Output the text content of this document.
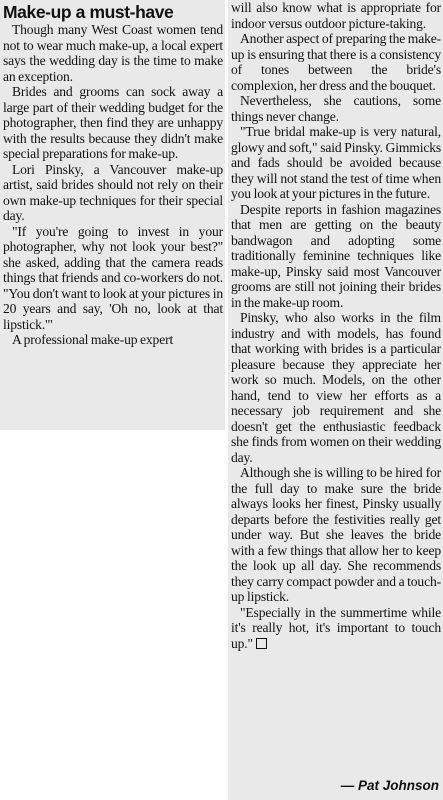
Make-up a must-have

Though many West Coast women tend not to wear much make-up, a local expert says the wedding day is the time to make an exception.

Brides and grooms can sock away a large part of their wedding budget for the photographer, then find they are unhappy with the results because they didn't make special preparations for make-up.

Lori Pinsky, a Vancouver make-up artist, said brides should not rely on their own make-up techniques for their special day.

"If you're going to invest in your photographer, why not look your best?" she asked, adding that the camera reads things that friends and co-workers do not. "You don't want to look at your pictures in 20 years and say, 'Oh no, look at that lipstick.'"

A professional make-up expert

will also know what is appropriate for indoor versus outdoor picture-taking.

Another aspect of preparing the make-up is ensuring that there is a consistency of tones between the bride's complexion, her dress and the bouquet.

Nevertheless, she cautions, some things never change.

"True bridal make-up is very natural, glowy and soft," said Pinsky. Gimmicks and fads should be avoided because they will not stand the test of time when you look at your pictures in the future.

Despite reports in fashion magazines that men are getting on the beauty bandwagon and adopting some traditionally feminine techniques like make-up, Pinsky said most Vancouver grooms are still not joining their brides in the make-up room.

Pinsky, who also works in the film industry and with models, has found that working with brides is a particular pleasure because they appreciate her work so much. Models, on the other hand, tend to view her efforts as a necessary job requirement and she doesn't get the enthusiastic feedback she finds from women on their wedding day.

Although she is willing to be hired for the full day to make sure the bride always looks her finest, Pinsky usually departs before the festivities really get under way. But she leaves the bride with a few things that allow her to keep the look up all day. She recommends they carry compact powder and a touch-up lipstick.

"Especially in the summertime while it's really hot, it's important to touch up."

— Pat Johnson
